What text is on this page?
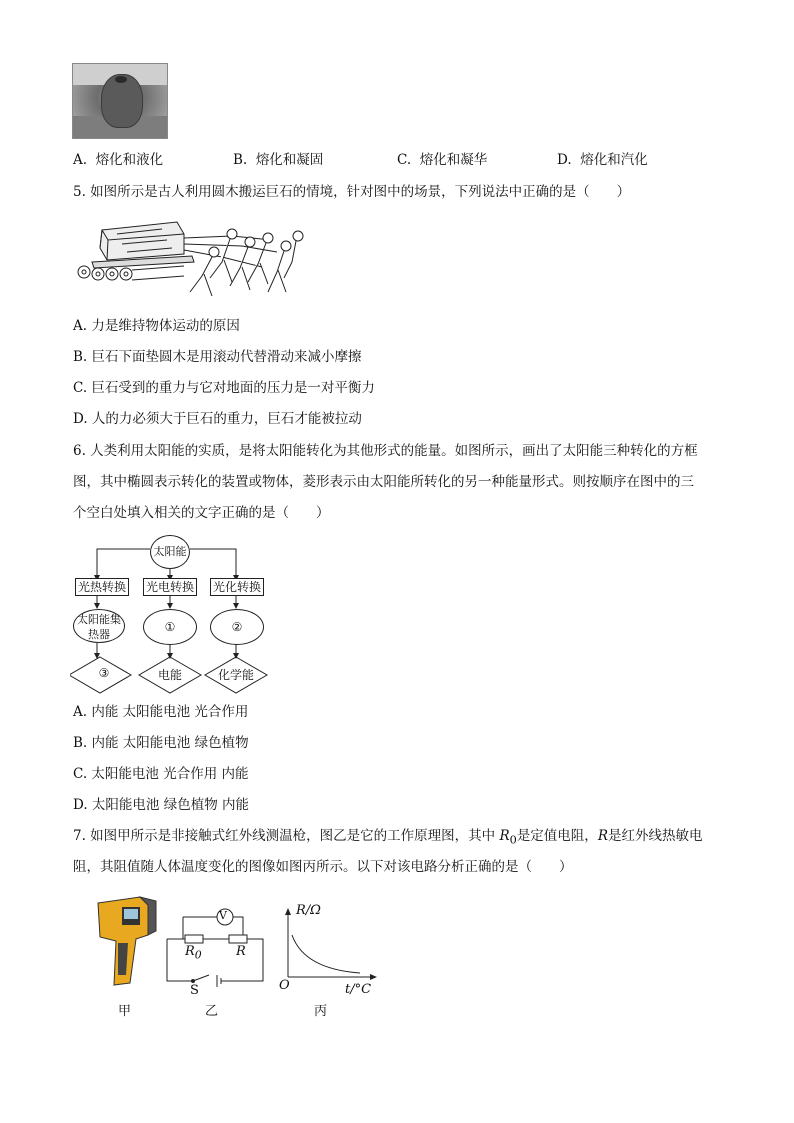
A. 熔化和液化	B. 熔化和凝固	C. 熔化和凝华	D. 熔化和汽化
5. 如图所示是古人利用圆木搬运巨石的情境，针对图中的场景，下列说法中正确的是（　　）
A. 力是维持物体运动的原因
B. 巨石下面垫圆木是用滚动代替滑动来减小摩擦
C. 巨石受到的重力与它对地面的压力是一对平衡力
D. 人的力必须大于巨石的重力，巨石才能被拉动
6. 人类利用太阳能的实质，是将太阳能转化为其他形式的能量。如图所示，画出了太阳能三种转化的方框
图，其中椭圆表示转化的装置或物体，菱形表示由太阳能所转化的另一种能量形式。则按顺序在图中的三
个空白处填入相关的文字正确的是（　　）
太阳能
光热转换 光电转换 光化转换
太阳能集热器
①	②
③	电能	化学能
A. 内能 太阳能电池 光合作用
B. 内能 太阳能电池 绿色植物
C. 太阳能电池 光合作用 内能
D. 太阳能电池 绿色植物 内能
7. 如图甲所示是非接触式红外线测温枪，图乙是它的工作原理图，其中 $R_0$是定值电阻，R是红外线热敏电
阻，其阻值随人体温度变化的图像如图丙所示。以下对该电路分析正确的是（　　）
V
$R_0$	R
S
R/Ω
t/°C
O
甲	乙	丙
